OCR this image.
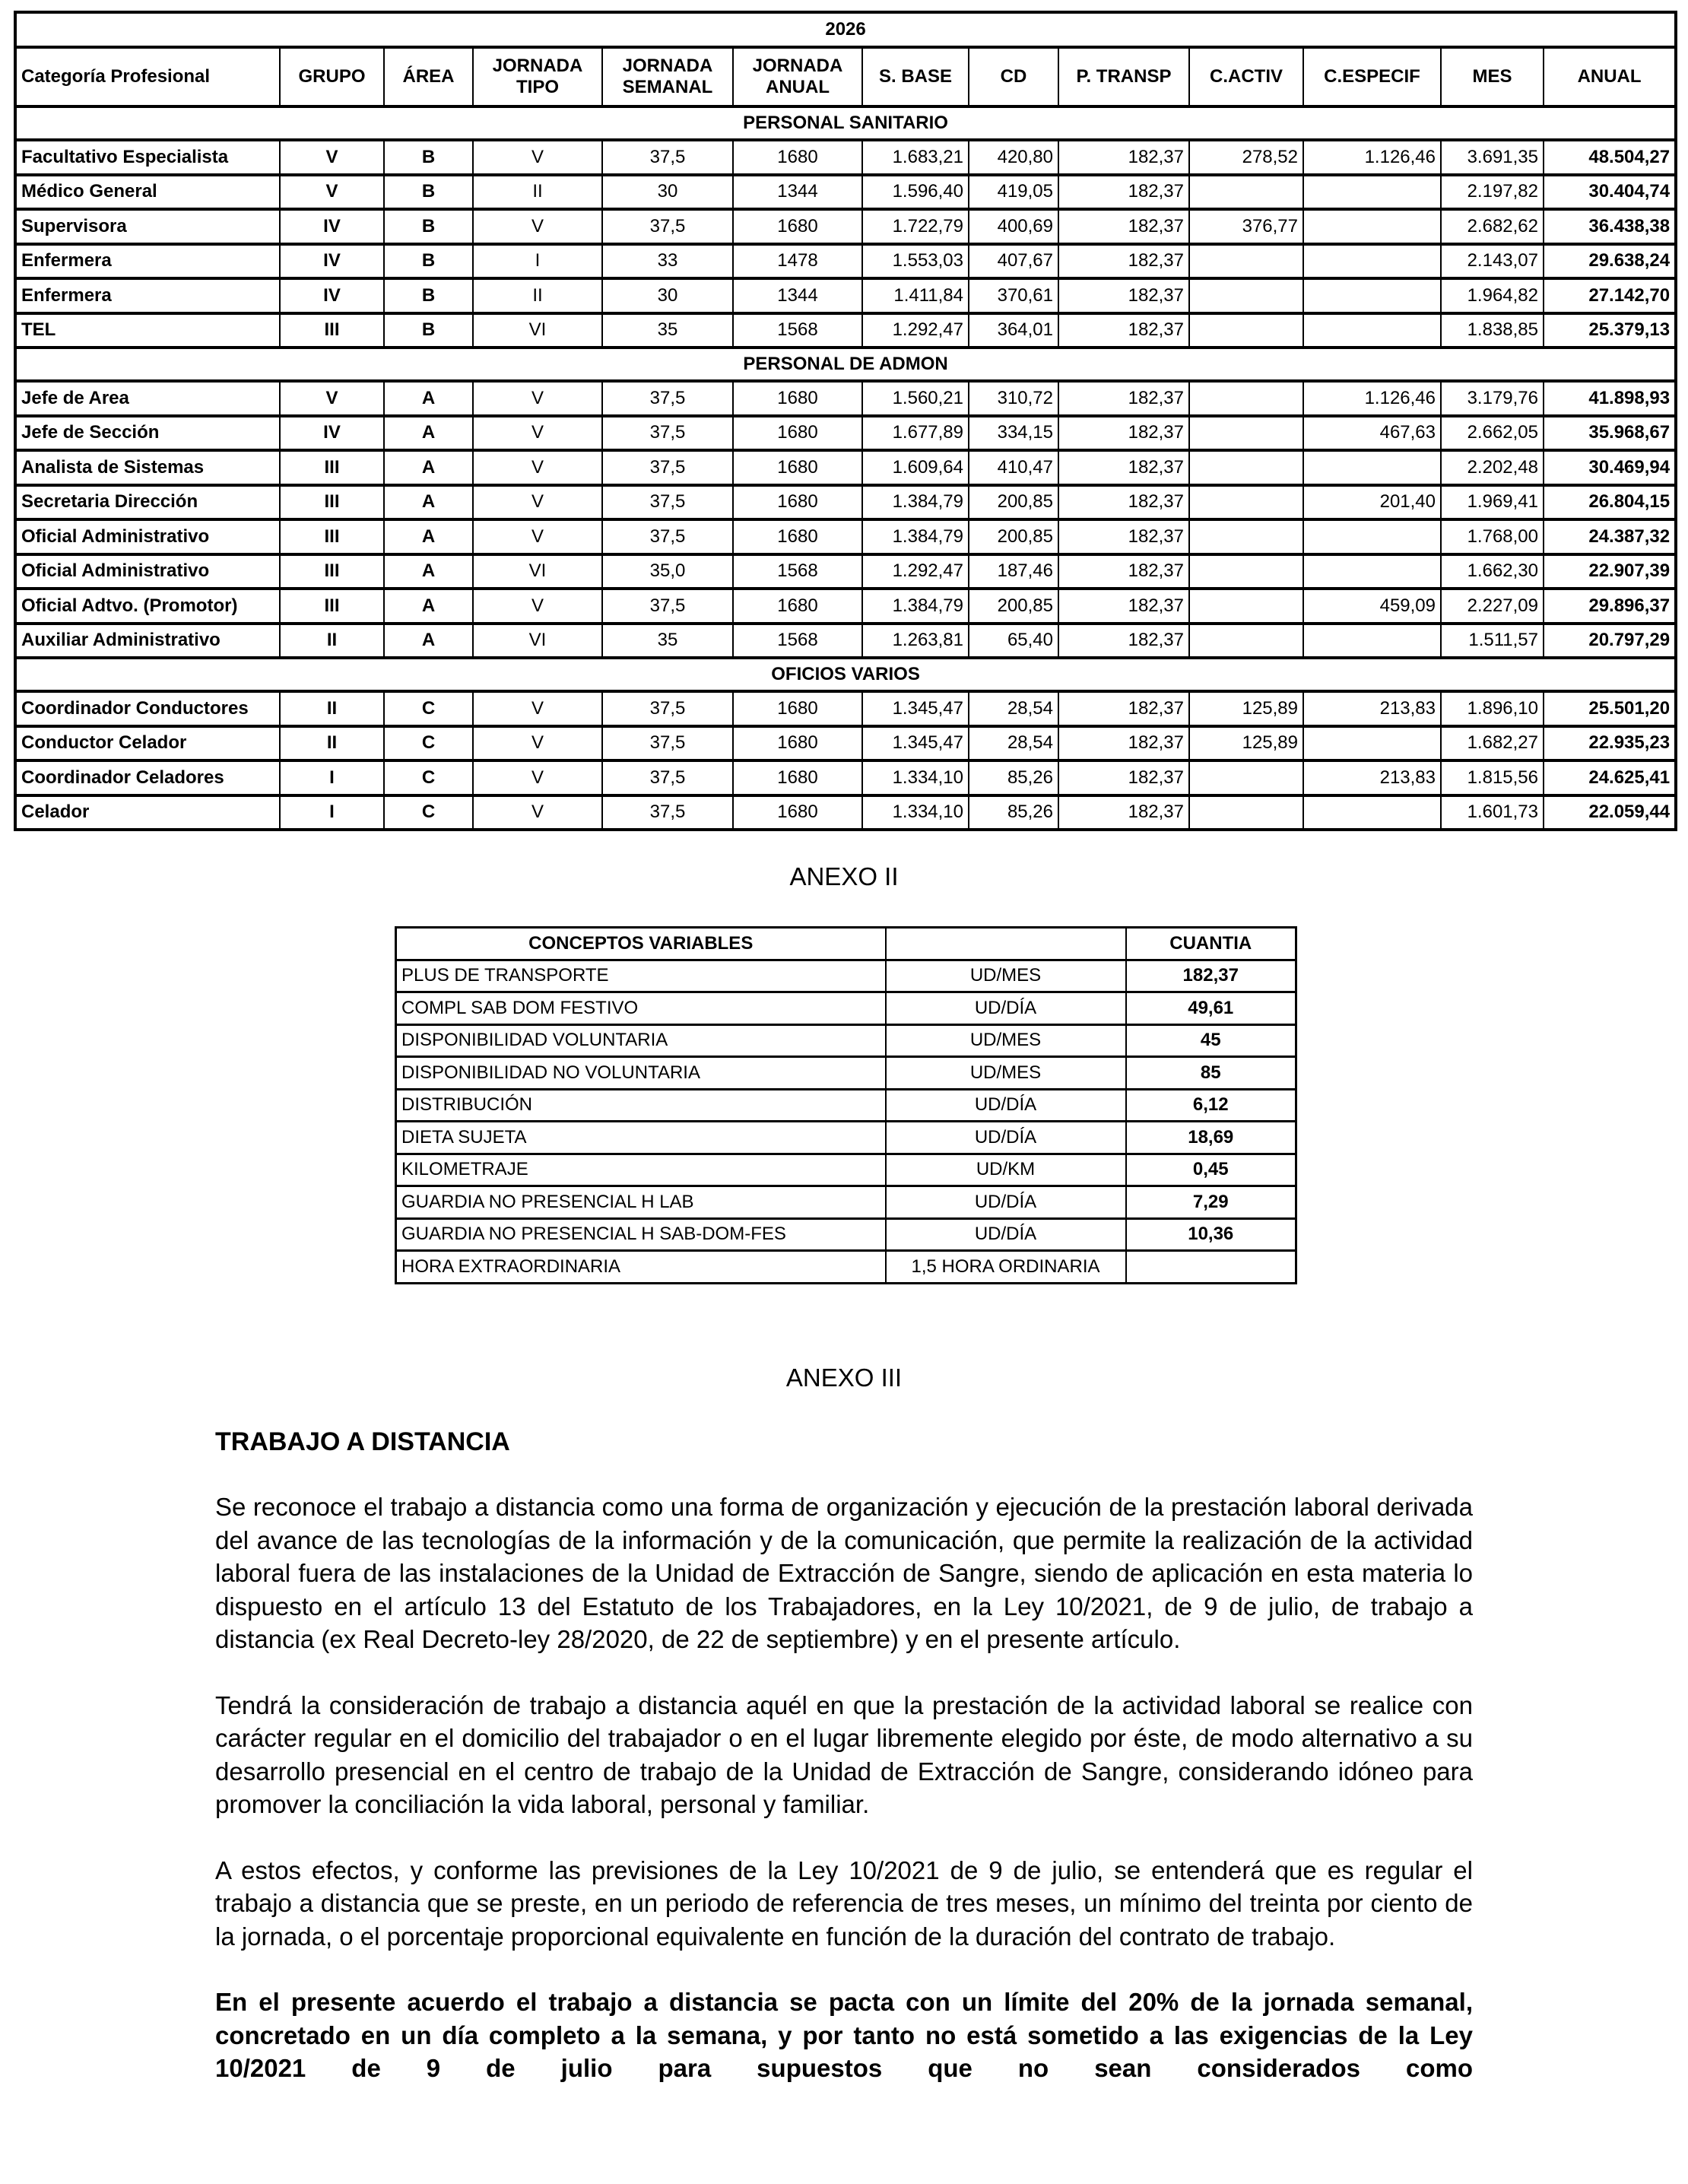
2026												
Categoría Profesional	GRUPO	ÁREA	JORNADA TIPO	JORNADA SEMANAL	JORNADA ANUAL	S. BASE	CD	P. TRANSP	C.ACTIV	C.ESPECIF	MES	ANUAL
PERSONAL SANITARIO												
Facultativo Especialista	V	B	V	37,5	1680	1.683,21	420,80	182,37	278,52	1.126,46	3.691,35	48.504,27
Médico General	V	B	II	30	1344	1.596,40	419,05	182,37			2.197,82	30.404,74
Supervisora	IV	B	V	37,5	1680	1.722,79	400,69	182,37	376,77		2.682,62	36.438,38
Enfermera	IV	B	I	33	1478	1.553,03	407,67	182,37			2.143,07	29.638,24
Enfermera	IV	B	II	30	1344	1.411,84	370,61	182,37			1.964,82	27.142,70
TEL	III	B	VI	35	1568	1.292,47	364,01	182,37			1.838,85	25.379,13
PERSONAL DE ADMON												
Jefe de Area	V	A	V	37,5	1680	1.560,21	310,72	182,37		1.126,46	3.179,76	41.898,93
Jefe de Sección	IV	A	V	37,5	1680	1.677,89	334,15	182,37		467,63	2.662,05	35.968,67
Analista de Sistemas	III	A	V	37,5	1680	1.609,64	410,47	182,37			2.202,48	30.469,94
Secretaria Dirección	III	A	V	37,5	1680	1.384,79	200,85	182,37		201,40	1.969,41	26.804,15
Oficial Administrativo	III	A	V	37,5	1680	1.384,79	200,85	182,37			1.768,00	24.387,32
Oficial Administrativo	III	A	VI	35,0	1568	1.292,47	187,46	182,37			1.662,30	22.907,39
Oficial Adtvo. (Promotor)	III	A	V	37,5	1680	1.384,79	200,85	182,37		459,09	2.227,09	29.896,37
Auxiliar Administrativo	II	A	VI	35	1568	1.263,81	65,40	182,37			1.511,57	20.797,29
OFICIOS VARIOS												
Coordinador Conductores	II	C	V	37,5	1680	1.345,47	28,54	182,37	125,89	213,83	1.896,10	25.501,20
Conductor Celador	II	C	V	37,5	1680	1.345,47	28,54	182,37	125,89		1.682,27	22.935,23
Coordinador Celadores	I	C	V	37,5	1680	1.334,10	85,26	182,37		213,83	1.815,56	24.625,41
Celador	I	C	V	37,5	1680	1.334,10	85,26	182,37			1.601,73	22.059,44
ANEXO II
CONCEPTOS VARIABLES		CUANTIA
PLUS DE TRANSPORTE	UD/MES	182,37
COMPL SAB DOM FESTIVO	UD/DÍA	49,61
DISPONIBILIDAD VOLUNTARIA	UD/MES	45
DISPONIBILIDAD NO VOLUNTARIA	UD/MES	85
DISTRIBUCIÓN	UD/DÍA	6,12
DIETA SUJETA	UD/DÍA	18,69
KILOMETRAJE	UD/KM	0,45
GUARDIA NO PRESENCIAL H LAB	UD/DÍA	7,29
GUARDIA NO PRESENCIAL H SAB-DOM-FES	UD/DÍA	10,36
HORA EXTRAORDINARIA	1,5 HORA ORDINARIA	
ANEXO III
TRABAJO A DISTANCIA

Se reconoce el trabajo a distancia como una forma de organización y ejecución de la prestación laboral derivada del avance de las tecnologías de la información y de la comunicación, que permite la realización de la actividad laboral fuera de las instalaciones de la Unidad de Extracción de Sangre, siendo de aplicación en esta materia lo dispuesto en el artículo 13 del Estatuto de los Trabajadores, en la Ley 10/2021, de 9 de julio, de trabajo a distancia (ex Real Decreto-ley 28/2020, de 22 de septiembre) y en el presente artículo.

Tendrá la consideración de trabajo a distancia aquél en que la prestación de la actividad laboral se realice con carácter regular en el domicilio del trabajador o en el lugar libremente elegido por éste, de modo alternativo a su desarrollo presencial en el centro de trabajo de la Unidad de Extracción de Sangre, considerando idóneo para promover la conciliación la vida laboral, personal y familiar.

A estos efectos, y conforme las previsiones de la Ley 10/2021 de 9 de julio, se entenderá que es regular el trabajo a distancia que se preste, en un periodo de referencia de tres meses, un mínimo del treinta por ciento de la jornada, o el porcentaje proporcional equivalente en función de la duración del contrato de trabajo.

En el presente acuerdo el trabajo a distancia se pacta con un límite del 20% de la jornada semanal, concretado en un día completo a la semana, y por tanto no está sometido a las exigencias de la Ley 10/2021 de 9 de julio para supuestos que no sean considerados como
